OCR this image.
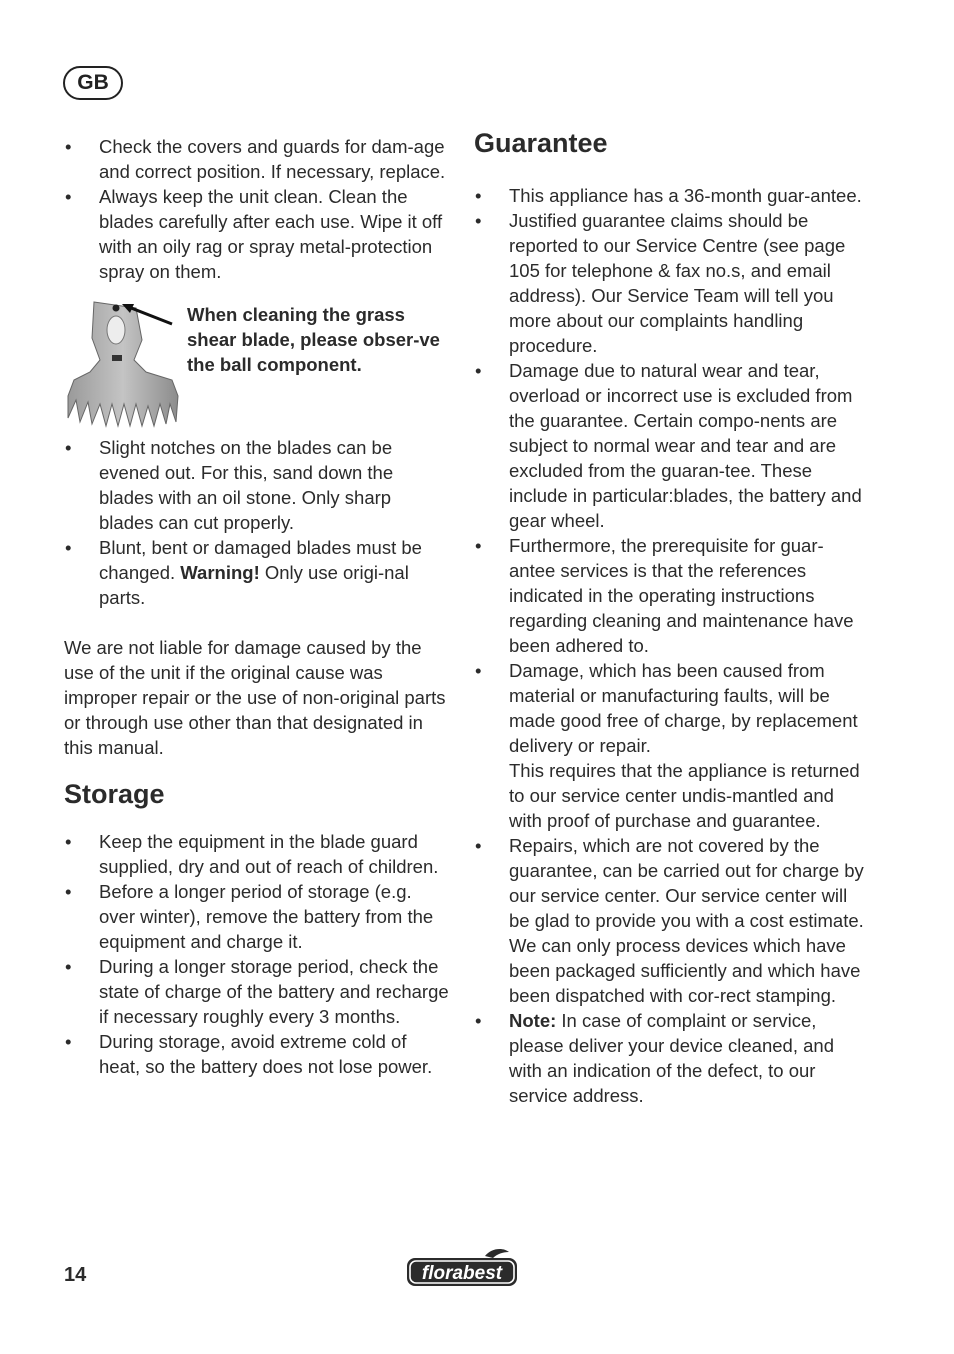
GB
• Check the covers and guards for dam-age and correct position. If necessary, replace.
• Always keep the unit clean. Clean the blades carefully after each use. Wipe it off with an oily rag or spray metal-protection spray on them.
When cleaning the grass shear blade, please obser-ve the ball component.
• Slight notches on the blades can be evened out. For this, sand down the blades with an oil stone. Only sharp blades can cut properly.
• Blunt, bent or damaged blades must be changed. Warning! Only use origi-nal parts.

We are not liable for damage caused by the use of the unit if the original cause was improper repair or the use of non-original parts or through use other than that designated in this manual.

Storage
• Keep the equipment in the blade guard supplied, dry and out of reach of children.
• Before a longer period of storage (e.g. over winter), remove the battery from the equipment and charge it.
• During a longer storage period, check the state of charge of the battery and recharge if necessary roughly every 3 months.
• During storage, avoid extreme cold of heat, so the battery does not lose power.
Guarantee
• This appliance has a 36-month guar-antee.
• Justified guarantee claims should be reported to our Service Centre (see page 105 for telephone & fax no.s, and email address). Our Service Team will tell you more about our complaints handling procedure.
• Damage due to natural wear and tear, overload or incorrect use is excluded from the guarantee. Certain compo-nents are subject to normal wear and tear and are excluded from the guaran-tee. These include in particular:blades, the battery and gear wheel.
• Furthermore, the prerequisite for guar-antee services is that the references indicated in the operating instructions regarding cleaning and maintenance have been adhered to.
• Damage, which has been caused from material or manufacturing faults, will be made good free of charge, by replacement delivery or repair.
This requires that the appliance is returned to our service center undis-mantled and with proof of purchase and guarantee.
• Repairs, which are not covered by the guarantee, can be carried out for charge by our service center. Our service center will be glad to provide you with a cost estimate.
We can only process devices which have been packaged sufficiently and which have been dispatched with cor-rect stamping.
• Note: In case of complaint or service, please deliver your device cleaned, and with an indication of the defect, to our service address.
14	florabest
